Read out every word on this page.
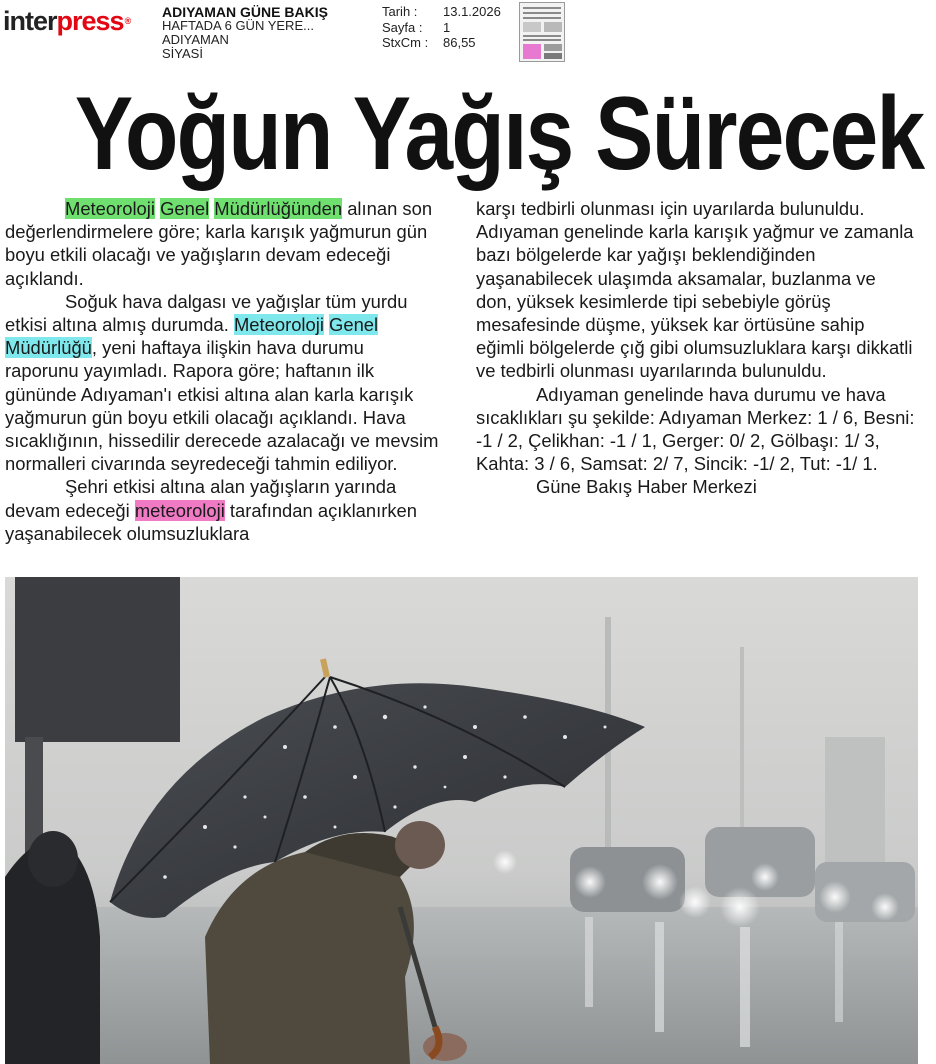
interpress®
ADIYAMAN GÜNE BAKIŞ
HAFTADA 6 GÜN YERE...
ADIYAMAN
SİYASİ
Tarih :	13.1.2026
Sayfa :	1
StxCm :	86,55
Yoğun Yağış Sürecek

Meteoroloji Genel Müdürlüğünden alınan son değerlendirmelere göre; karla karışık yağmurun gün boyu etkili olacağı ve yağışların devam edeceği açıklandı.

Soğuk hava dalgası ve yağışlar tüm yurdu etkisi altına almış durumda. Meteoroloji Genel Müdürlüğü, yeni haftaya ilişkin hava durumu raporunu yayımladı. Rapora göre; haftanın ilk gününde Adıyaman'ı etkisi altına alan karla karışık yağmurun gün boyu etkili olacağı açıklandı. Hava sıcaklığının, hissedilir derecede azalacağı ve mevsim normalleri civarında seyredeceği tahmin ediliyor.

Şehri etkisi altına alan yağışların yarında devam edeceği meteoroloji tarafından açıklanırken yaşanabilecek olumsuzluklara

karşı tedbirli olunması için uyarılarda bulunuldu. Adıyaman genelinde karla karışık yağmur ve zamanla bazı bölgelerde kar yağışı beklendiğinden yaşanabilecek ulaşımda aksamalar, buzlanma ve don, yüksek kesimlerde tipi sebebiyle görüş mesafesinde düşme, yüksek kar örtüsüne sahip eğimli bölgelerde çığ gibi olumsuzluklara karşı dikkatli ve tedbirli olunması uyarılarında bulunuldu.

Adıyaman genelinde hava durumu ve hava sıcaklıkları şu şekilde: Adıyaman Merkez: 1 / 6, Besni: -1 / 2, Çelikhan: -1 / 1, Gerger: 0/ 2, Gölbaşı: 1/ 3, Kahta: 3 / 6, Samsat: 2/ 7, Sincik: -1/ 2, Tut: -1/ 1.

Güne Bakış Haber Merkezi
